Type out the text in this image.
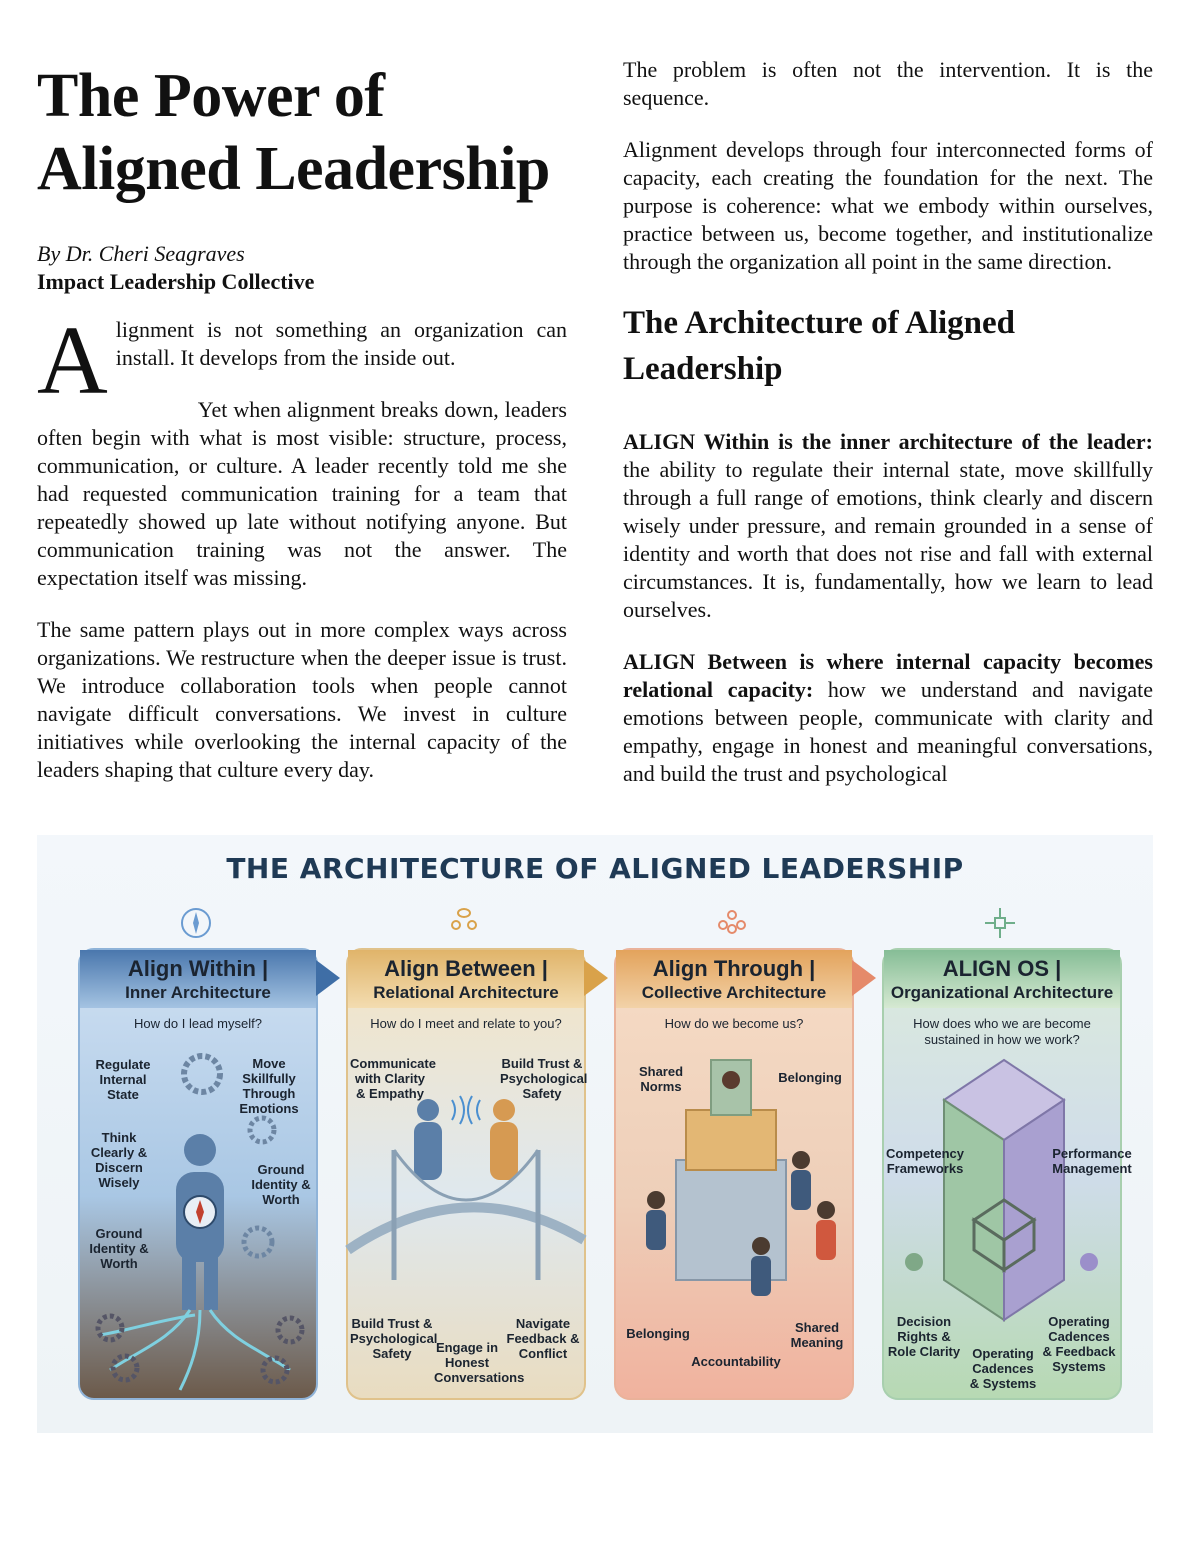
The Power of
Aligned Leadership
By Dr. Cheri Seagraves
Impact Leadership Collective

A lignment is not something an organization can install. It develops from the inside out.

Yet when alignment breaks down, leaders often begin with what is most visible: structure, process, communication, or culture. A leader recently told me she had requested communication training for a team that repeatedly showed up late without notifying anyone. But communication training was not the answer. The expectation itself was missing.

The same pattern plays out in more complex ways across organizations. We restructure when the deeper issue is trust. We introduce collaboration tools when people cannot navigate difficult conversations. We invest in culture initiatives while overlooking the internal capacity of the leaders shaping that culture every day.

The problem is often not the intervention. It is the sequence.

Alignment develops through four interconnected forms of capacity, each creating the foundation for the next. The purpose is coherence: what we embody within ourselves, practice between us, become together, and institutionalize through the organization all point in the same direction.

The Architecture of Aligned Leadership

ALIGN Within is the inner architecture of the leader: the ability to regulate their internal state, move skillfully through a full range of emotions, think clearly and discern wisely under pressure, and remain grounded in a sense of identity and worth that does not rise and fall with external circumstances. It is, fundamentally, how we learn to lead ourselves.

ALIGN Between is where internal capacity becomes relational capacity: how we understand and navigate emotions between people, communicate with clarity and empathy, engage in honest and meaningful conversations, and build the trust and psychological

THE ARCHITECTURE OF ALIGNED LEADERSHIP
Align Within |
Inner Architecture
How do I lead myself?
Regulate Internal State
Move Skillfully Through Emotions
Think Clearly & Discern Wisely
Ground Identity & Worth
Ground Identity & Worth
Align Between |
Relational Architecture
How do I meet and relate to you?
Communicate with Clarity & Empathy
Build Trust & Psychological Safety
Build Trust & Psychological Safety	Engage in Honest Conversations
Navigate Feedback & Conflict
Align Through |
Collective Architecture
How do we become us?
Shared Norms
Belonging
Belonging
Accountability
Shared Meaning
ALIGN OS |
Organizational Architecture
How does who we are become sustained in how we work?
Competency Frameworks
Performance Management
Decision Rights & Role Clarity Operating Cadences & Systems
Operating Cadences & Feedback Systems
